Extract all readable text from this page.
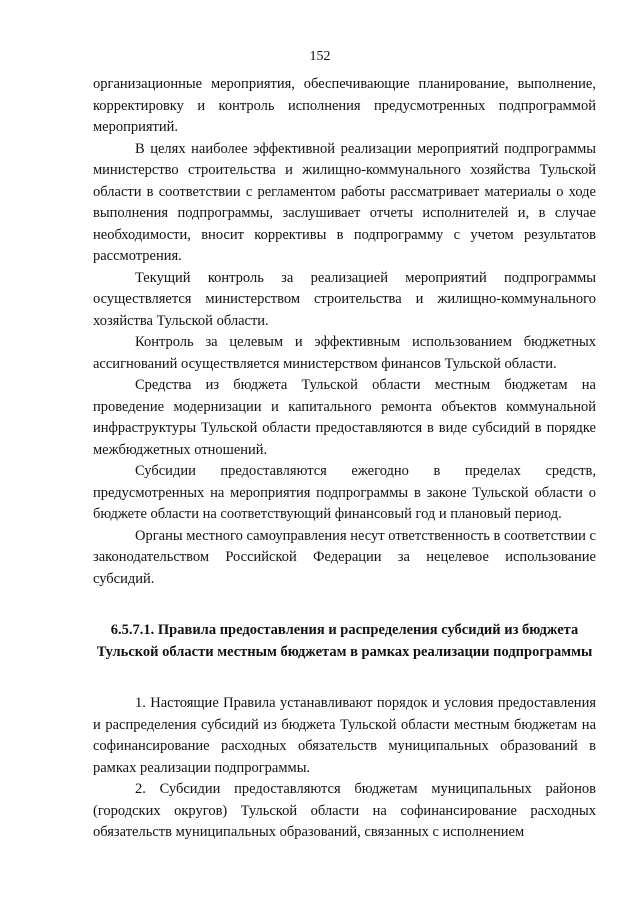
152

организационные мероприятия, обеспечивающие планирование, выполнение, корректировку и контроль исполнения предусмотренных подпрограммой мероприятий.

В целях наиболее эффективной реализации мероприятий подпрограммы министерство строительства и жилищно-коммунального хозяйства Тульской области в соответствии с регламентом работы рассматривает материалы о ходе выполнения подпрограммы, заслушивает отчеты исполнителей и, в случае необходимости, вносит коррективы в подпрограмму с учетом результатов рассмотрения.

Текущий контроль за реализацией мероприятий подпрограммы осуществляется министерством строительства и жилищно-коммунального хозяйства Тульской области.

Контроль за целевым и эффективным использованием бюджетных ассигнований осуществляется министерством финансов Тульской области.

Средства из бюджета Тульской области местным бюджетам на проведение модернизации и капитального ремонта объектов коммунальной инфраструктуры Тульской области предоставляются в виде субсидий в порядке межбюджетных отношений.

Субсидии предоставляются ежегодно в пределах средств, предусмотренных на мероприятия подпрограммы в законе Тульской области о бюджете области на соответствующий финансовый год и плановый период.

Органы местного самоуправления несут ответственность в соответствии с законодательством Российской Федерации за нецелевое использование субсидий.

6.5.7.1. Правила предоставления и распределения субсидий из бюджета Тульской области местным бюджетам в рамках реализации подпрограммы

1. Настоящие Правила устанавливают порядок и условия предоставления и распределения субсидий из бюджета Тульской области местным бюджетам на софинансирование расходных обязательств муниципальных образований в рамках реализации подпрограммы.

2. Субсидии предоставляются бюджетам муниципальных районов (городских округов) Тульской области на софинансирование расходных обязательств муниципальных образований, связанных с исполнением
